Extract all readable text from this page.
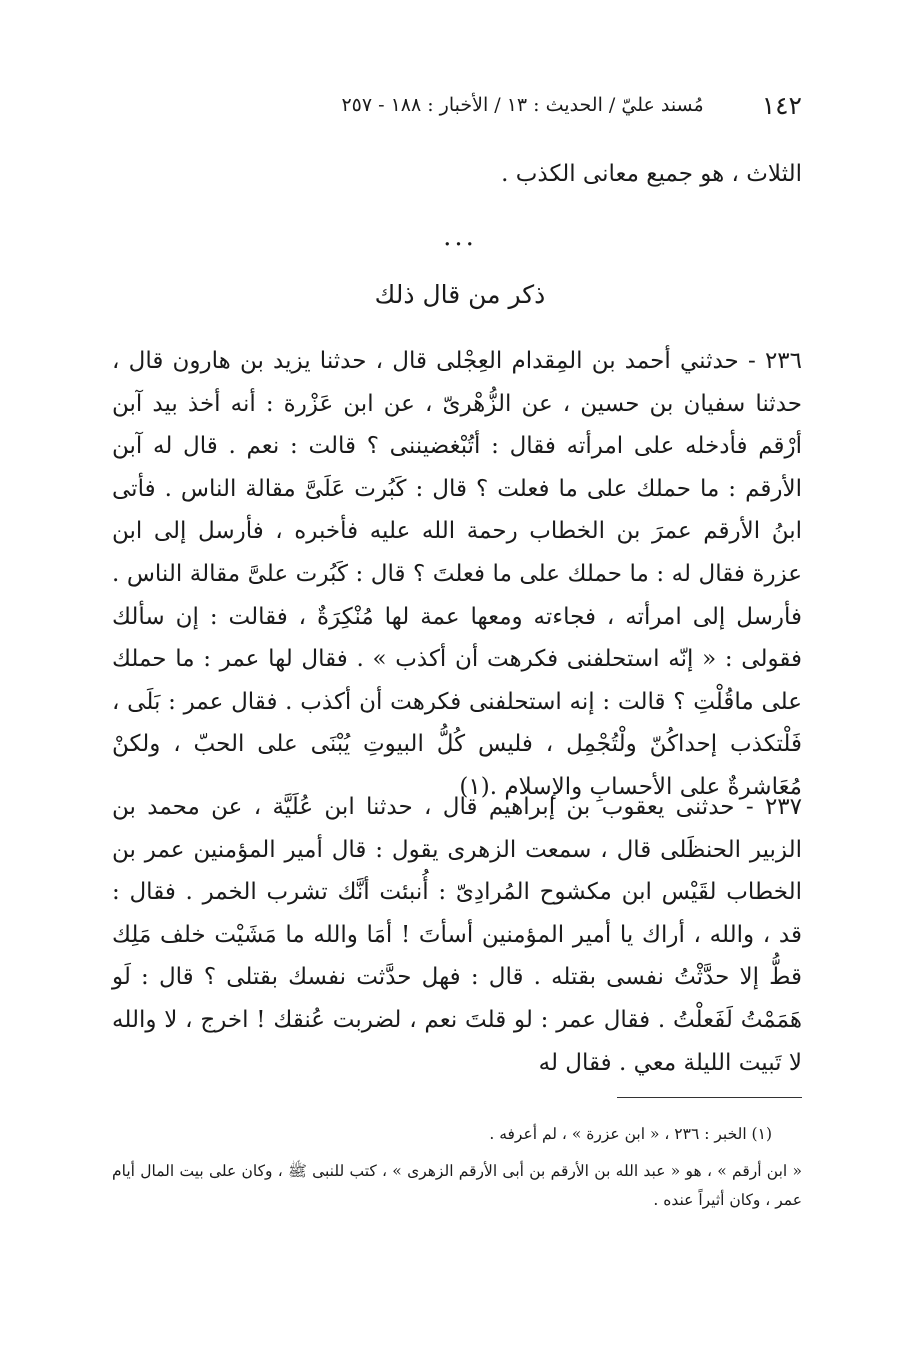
١٤٢
مُسند عليّ / الحديث : ١٣ / الأخبار : ١٨٨ - ٢٥٧
الثلاث ، هو جميع معانى الكذب .
...
ذكر من قال ذلك

٢٣٦ - حدثني أحمد بن المِقدام العِجْلى قال ، حدثنا يزيد بن هارون قال ، حدثنا سفيان بن حسين ، عن الزُّهْرىّ ، عن ابن عَزْرة : أنه أخذ بيد آبن أرْقم فأدخله على امرأته فقال : أتُبْغضيننى ؟ قالت : نعم . قال له آبن الأرقم : ما حملك على ما فعلت ؟ قال : كَبُرت عَلَىَّ مقالة الناس . فأتى ابنُ الأرقم عمرَ بن الخطاب رحمة الله عليه فأخبره ، فأرسل إلى ابن عزرة فقال له : ما حملك على ما فعلتَ ؟ قال : كَبُرت علىَّ مقالة الناس . فأرسل إلى امرأته ، فجاءته ومعها عمة لها مُنْكِرَةٌ ، فقالت : إن سألك فقولى : « إنّه استحلفنى فكرهت أن أكذب » . فقال لها عمر : ما حملك على ماقُلْتِ ؟ قالت : إنه استحلفنى فكرهت أن أكذب . فقال عمر : بَلَى ، فَلْتكذب إحداكُنّ ولْتُجْمِل ، فليس كُلُّ البيوتِ يُبْنَى على الحبّ ، ولكنْ مُعَاشرةٌ على الأحسابِ والإسلام .(١)

٢٣٧ - حدثنى يعقوب بن إبراهيم قال ، حدثنا ابن عُلَيَّة ، عن محمد بن الزبير الحنظَلى قال ، سمعت الزهرى يقول : قال أمير المؤمنين عمر بن الخطاب لقَيْس ابن مكشوح المُرادِىّ : أُنبئت أنَّك تشرب الخمر . فقال : قد ، والله ، أراك يا أمير المؤمنين أسأتَ ! أمَا والله ما مَشَيْت خلف مَلِك قطُّ إلا حدَّثْتُ نفسى بقتله . قال : فهل حدَّثت نفسك بقتلى ؟ قال : لَو هَمَمْتُ لَفَعلْتُ . فقال عمر : لو قلتَ نعم ، لضربت عُنقك ! اخرج ، لا والله لا تَبيت الليلة معي . فقال له

(١) الخبر : ٢٣٦ ، « ابن عزرة » ، لم أعرفه .

« ابن أرقم » ، هو « عبد الله بن الأرقم بن أبى الأرقم الزهرى » ، كتب للنبى ﷺ ، وكان على بيت المال أيام عمر ، وكان أثيراً عنده .
